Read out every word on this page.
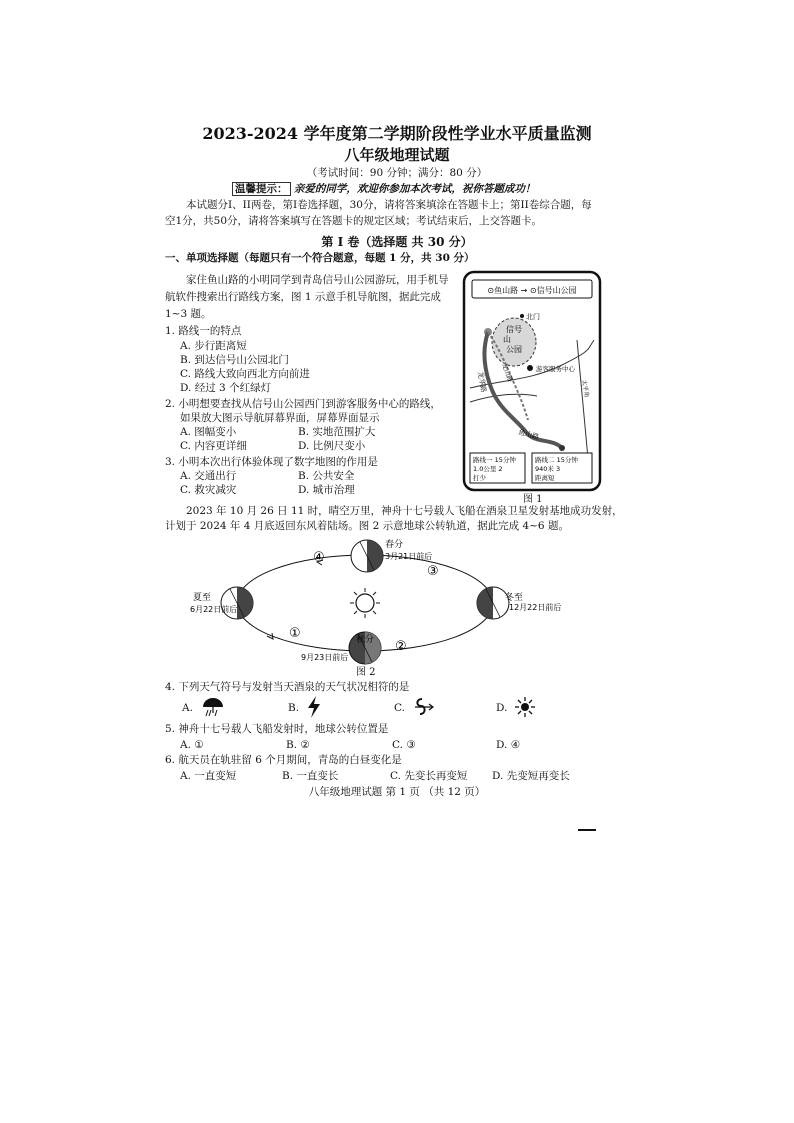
2023-2024 学年度第二学期阶段性学业水平质量监测
八年级地理试题
（考试时间：90 分钟；满分：80 分）
温馨提示： 亲爱的同学，欢迎你参加本次考试，祝你答题成功！
本试题分I、II两卷，第I卷选择题，30分，请将答案填涂在答题卡上；第II卷综合题，每
空1分，共50分，请将答案填写在答题卡的规定区域；考试结束后，上交答题卡。
第 I 卷（选择题 共 30 分）
一、单项选择题（每题只有一个符合题意，每题 1 分，共 30 分）
家住鱼山路的小明同学到青岛信号山公园游玩，用手机导
航软件搜索出行路线方案，图 1 示意手机导航图，据此完成
1~3 题。
1. 路线一的特点
A. 步行距离短
B. 到达信号山公园北门
C. 路线大致向西北方向前进
D. 经过 3 个红绿灯
2. 小明想要查找从信号山公园西门到游客服务中心的路线，
如果放大图示导航屏幕界面，屏幕界面显示
A. 图幅变小	B. 实地范围扩大
C. 内容更详细	D. 比例尺变小
3. 小明本次出行体验体现了数字地图的作用是
A. 交通出行	B. 公共安全
C. 救灾减灾	D. 城市治理
⊙鱼山路 → ⊙信号山公园
信号
山
公园
北门
游客服务中心
龙华路 龙山路
鱼山路
太平角
路线一 15分钟
1.0公里 2
打少
路线二 15分钟
940米 3
距离短
图 1
2023 年 10 月 26 日 11 时，晴空万里，神舟十七号载人飞船在酒泉卫星发射基地成功发射，
计划于 2024 年 4 月底返回东风着陆场。图 2 示意地球公转轨道，据此完成 4~6 题。
春分
3月21日前后
夏至
6月22日前后
冬至
12月22日前后
秋分
9月23日前后
④
③
①
②
图 2
4. 下列天气符号与发射当天酒泉的天气状况相符的是
A.	B.	C.	D.
5. 神舟十七号载人飞船发射时，地球公转位置是
A. ①	B. ②	C. ③	D. ④
6. 航天员在轨驻留 6 个月期间，青岛的白昼变化是
A. 一直变短	B. 一直变长	C. 先变长再变短 D. 先变短再变长
八年级地理试题 第 1 页 （共 12 页）
